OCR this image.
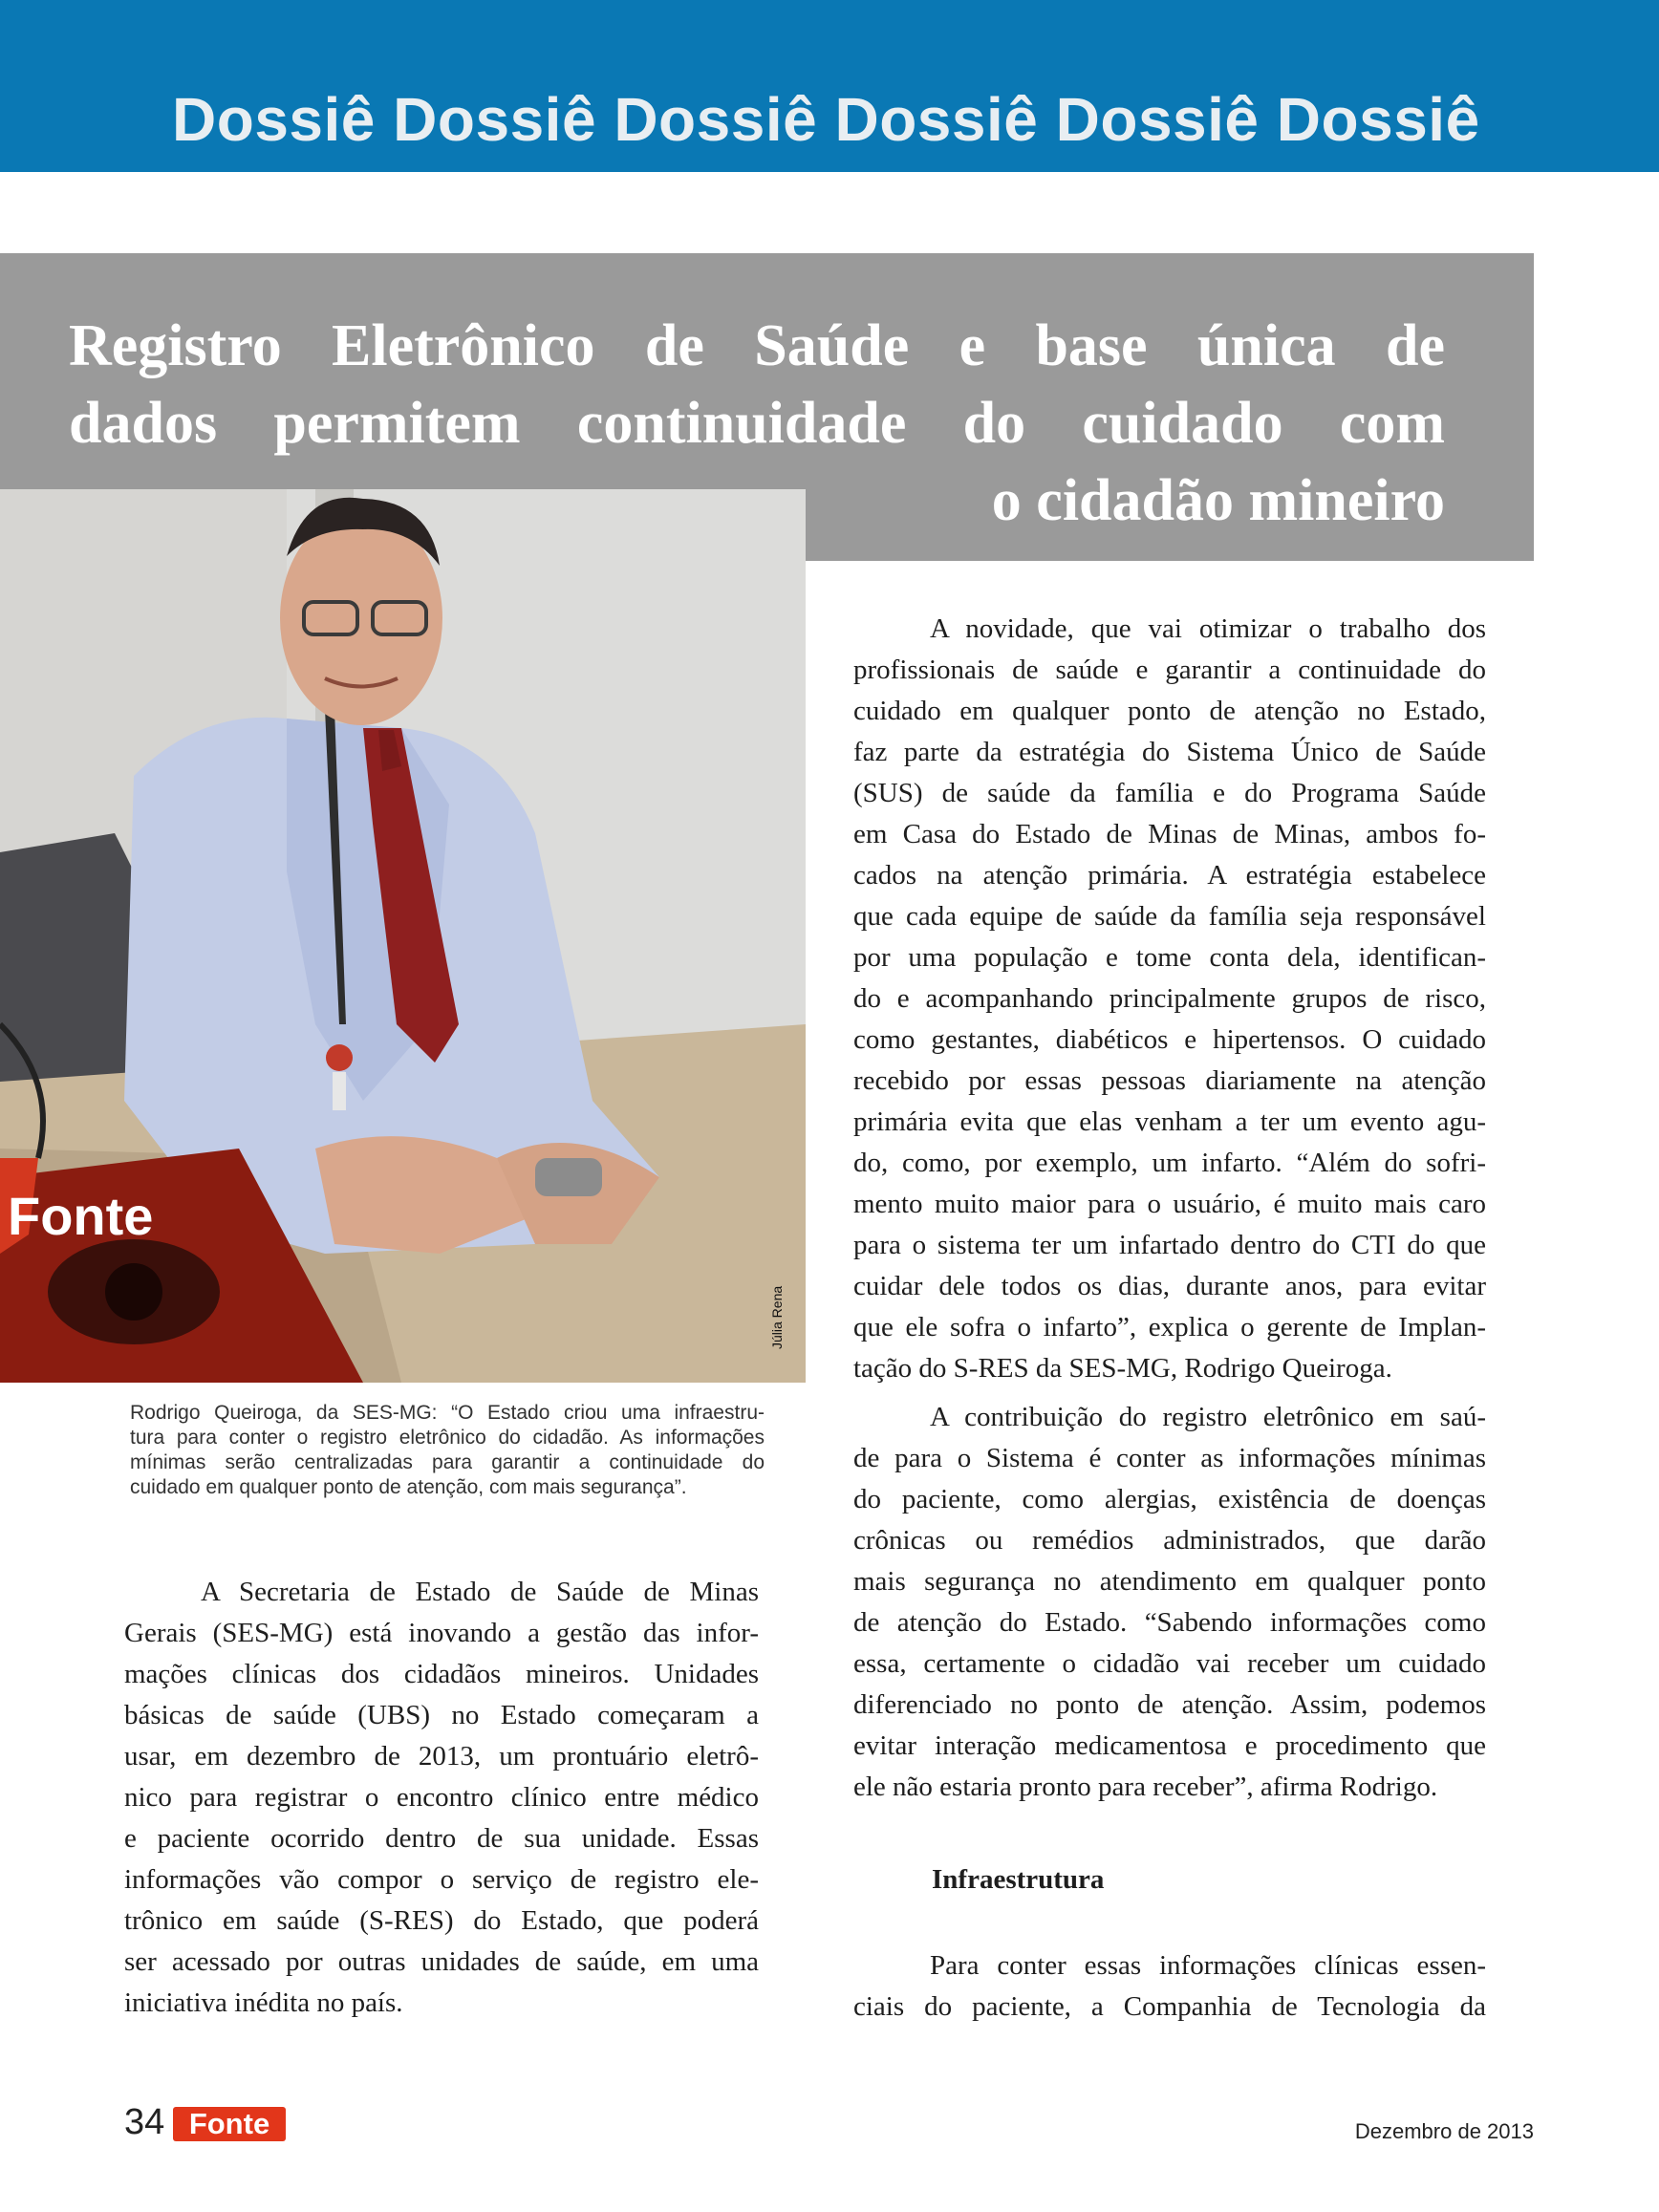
Dossiê Dossiê Dossiê Dossiê Dossiê Dossiê
Fonte
Júlia Rena
Registro Eletrônico de Saúde e base única de
dados permitem continuidade do cuidado com
o cidadão mineiro
Rodrigo Queiroga, da SES-MG: “O Estado criou uma infraestru-
tura para conter o registro eletrônico do cidadão. As informações
mínimas serão centralizadas para garantir a continuidade do
cuidado em qualquer ponto de atenção, com mais segurança”.
A Secretaria de Estado de Saúde de Minas
Gerais (SES-MG) está inovando a gestão das infor-
mações clínicas dos cidadãos mineiros. Unidades
básicas de saúde (UBS) no Estado começaram a
usar, em dezembro de 2013, um prontuário eletrô-
nico para registrar o encontro clínico entre médico
e paciente ocorrido dentro de sua unidade. Essas
informações vão compor o serviço de registro ele-
trônico em saúde (S-RES) do Estado, que poderá
ser acessado por outras unidades de saúde, em uma
iniciativa inédita no país.
A novidade, que vai otimizar o trabalho dos
profissionais de saúde e garantir a continuidade do
cuidado em qualquer ponto de atenção no Estado,
faz parte da estratégia do Sistema Único de Saúde
(SUS) de saúde da família e do Programa Saúde
em Casa do Estado de Minas de Minas, ambos fo-
cados na atenção primária. A estratégia estabelece
que cada equipe de saúde da família seja responsável
por uma população e tome conta dela, identifican-
do e acompanhando principalmente grupos de risco,
como gestantes, diabéticos e hipertensos. O cuidado
recebido por essas pessoas diariamente na atenção
primária evita que elas venham a ter um evento agu-
do, como, por exemplo, um infarto. “Além do sofri-
mento muito maior para o usuário, é muito mais caro
para o sistema ter um infartado dentro do CTI do que
cuidar dele todos os dias, durante anos, para evitar
que ele sofra o infarto”, explica o gerente de Implan-
tação do S-RES da SES-MG, Rodrigo Queiroga.
A contribuição do registro eletrônico em saú-
de para o Sistema é conter as informações mínimas
do paciente, como alergias, existência de doenças
crônicas ou remédios administrados, que darão
mais segurança no atendimento em qualquer ponto
de atenção do Estado. “Sabendo informações como
essa, certamente o cidadão vai receber um cuidado
diferenciado no ponto de atenção. Assim, podemos
evitar interação medicamentosa e procedimento que
ele não estaria pronto para receber”, afirma Rodrigo.
Infraestrutura
Para conter essas informações clínicas essen-
ciais do paciente, a Companhia de Tecnologia da
34 Fonte	Dezembro de 2013
